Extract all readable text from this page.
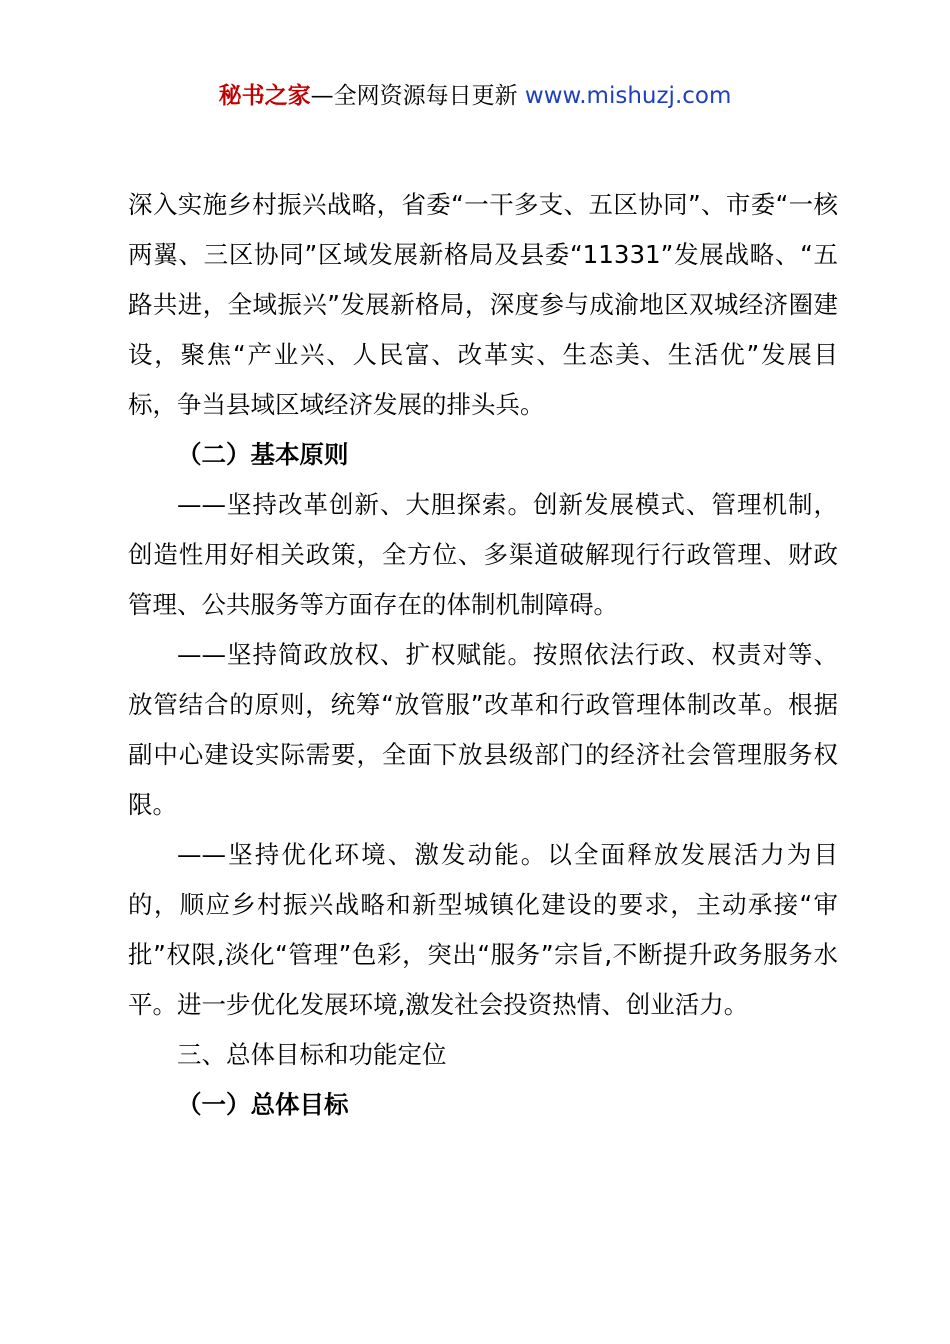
秘书之家—全网资源每日更新 www.mishuzj.com

深入实施乡村振兴战略，省委“一干多支、五区协同”、市委“一核两翼、三区协同”区域发展新格局及县委“11331”发展战略、“五路共进，全域振兴”发展新格局，深度参与成渝地区双城经济圈建设，聚焦“产业兴、人民富、改革实、生态美、生活优”发展目标，争当县域区域经济发展的排头兵。

（二）基本原则

——坚持改革创新、大胆探索。创新发展模式、管理机制，创造性用好相关政策，全方位、多渠道破解现行行政管理、财政管理、公共服务等方面存在的体制机制障碍。

——坚持简政放权、扩权赋能。按照依法行政、权责对等、放管结合的原则，统筹“放管服”改革和行政管理体制改革。根据副中心建设实际需要，全面下放县级部门的经济社会管理服务权限。

——坚持优化环境、激发动能。以全面释放发展活力为目的，顺应乡村振兴战略和新型城镇化建设的要求，主动承接“审批”权限,淡化“管理”色彩，突出“服务”宗旨,不断提升政务服务水平。进一步优化发展环境,激发社会投资热情、创业活力。

三、总体目标和功能定位

（一）总体目标
